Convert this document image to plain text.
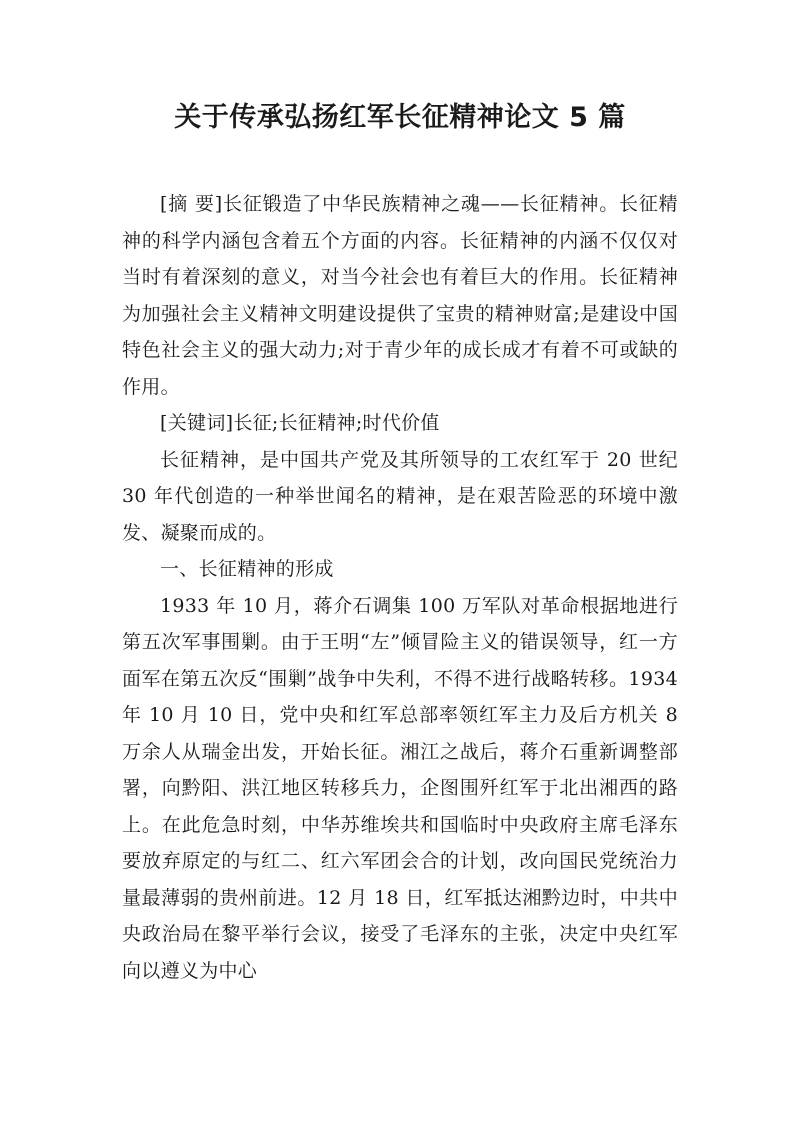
关于传承弘扬红军长征精神论文 5 篇

[摘 要]长征锻造了中华民族精神之魂——长征精神。长征精神的科学内涵包含着五个方面的内容。长征精神的内涵不仅仅对当时有着深刻的意义，对当今社会也有着巨大的作用。长征精神为加强社会主义精神文明建设提供了宝贵的精神财富;是建设中国特色社会主义的强大动力;对于青少年的成长成才有着不可或缺的作用。

[关键词]长征;长征精神;时代价值

长征精神，是中国共产党及其所领导的工农红军于 20 世纪 30 年代创造的一种举世闻名的精神，是在艰苦险恶的环境中激发、凝聚而成的。

一、长征精神的形成

1933 年 10 月，蒋介石调集 100 万军队对革命根据地进行第五次军事围剿。由于王明“左”倾冒险主义的错误领导，红一方面军在第五次反“围剿”战争中失利，不得不进行战略转移。1934 年 10 月 10 日，党中央和红军总部率领红军主力及后方机关 8 万余人从瑞金出发，开始长征。湘江之战后，蒋介石重新调整部署，向黔阳、洪江地区转移兵力，企图围歼红军于北出湘西的路上。在此危急时刻，中华苏维埃共和国临时中央政府主席毛泽东要放弃原定的与红二、红六军团会合的计划，改向国民党统治力量最薄弱的贵州前进。12 月 18 日，红军抵达湘黔边时，中共中央政治局在黎平举行会议，接受了毛泽东的主张，决定中央红军向以遵义为中心
